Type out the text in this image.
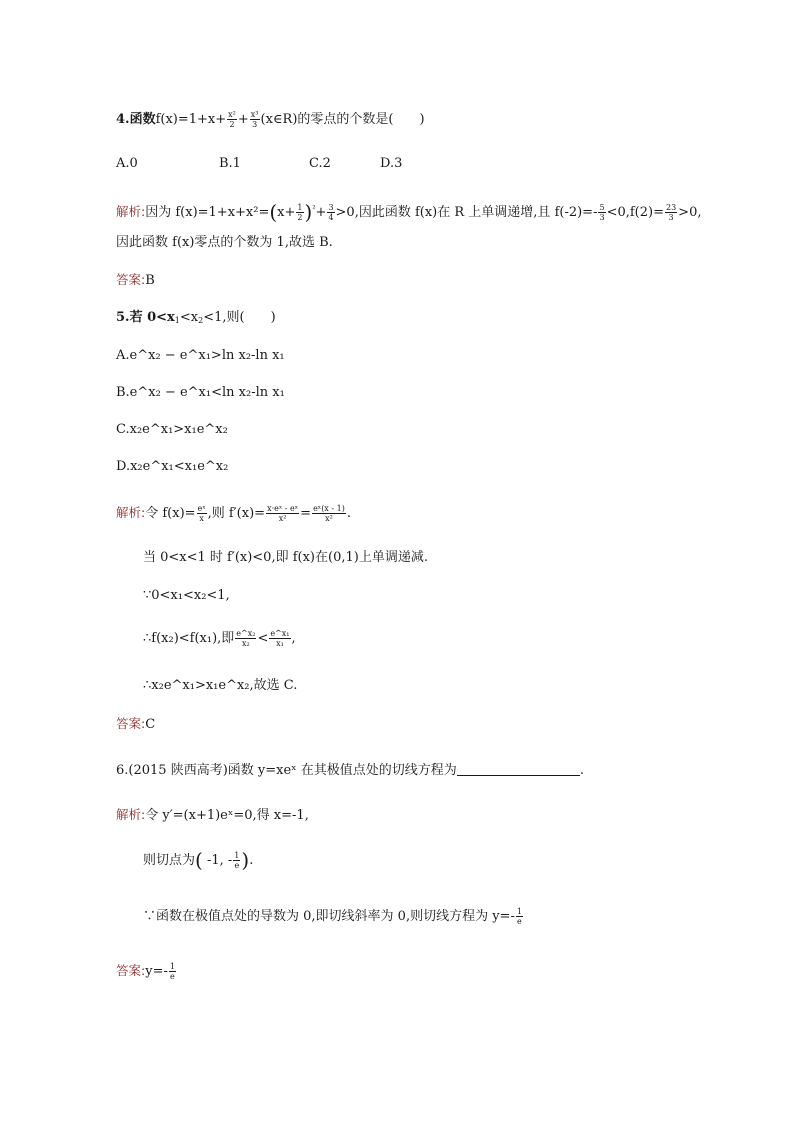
4.函数$f(x)=1+x+ \frac{\text{x²}}{2} + \frac{\text{x³}}{3}$ (x∈R)的零点的个数是(　　)
A.0	B.1	C.2	D.3
解析:因为 $f(x)=1+x+x^2=(x+ \frac{1}{2} )^{^2}+ \frac{3}{4} >0$,因此函数 f(x)在 R 上单调递增,且 $f(-2)=- \frac{5}{3} <0,f(2)= \frac{23}{3} >0$,
因此函数 f(x)零点的个数为 1,故选 B.
答案:B
5.若 $0<x_1<x_2<1$,则(　　)
A.e^x₂ − e^x₁>ln x₂-ln x₁
B.e^x₂ − e^x₁<ln x₂-ln x₁
C.x₂e^x₁>x₁e^x₂
D.x₂e^x₁<x₁e^x₂
解析:令 $f(x)= \frac{\text{eˣ}}{x}$ ,则 $f'(x)= \frac{\text{x·eˣ - eˣ}}{\text{x²}} = \frac{\text{eˣ(x - 1)}}{\text{x²}}$ .
当 0<x<1 时 f′(x)<0,即 f(x)在(0,1)上单调递减.
∵0<x₁<x₂<1,
∴f(x₂)<f(x₁),即 $\frac{\text{e\textasciicircum{}x₂}}{\text{x₂}} < \frac{\text{e\textasciicircum{}x₁}}{\text{x₁}}$ ,
∴x₂e^x₁>x₁e^x₂,故选 C.
答案:C
6.(2015 陕西高考)函数 y=xeˣ 在其极值点处的切线方程为	.
解析:令 y′=(x+1)eˣ=0,得 x=-1,
则切点为( -1, - $\frac{1}{e}$ ).
∵函数在极值点处的导数为 0,即切线斜率为 0,则切线方程为 $y=- \frac{1}{e}$
答案:y=- $\frac{1}{e}$
